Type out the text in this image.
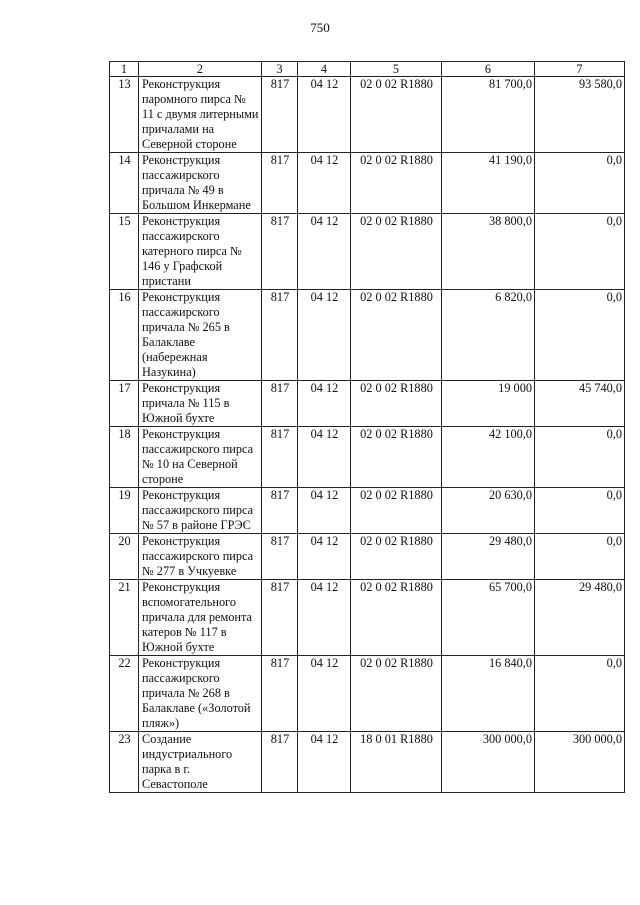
750
1	2	3	4	5	6	7
13	Реконструкция паромного пирса № 11 с двумя литерными причалами на Северной стороне	817	04 12	02 0 02 R1880	81 700,0	93 580,0
14	Реконструкция пассажирского причала № 49 в Большом Инкермане	817	04 12	02 0 02 R1880	41 190,0	0,0
15	Реконструкция пассажирского катерного пирса № 146 у Графской пристани	817	04 12	02 0 02 R1880	38 800,0	0,0
16	Реконструкция пассажирского причала № 265 в Балаклаве (набережная Назукина)	817	04 12	02 0 02 R1880	6 820,0	0,0
17	Реконструкция причала № 115 в Южной бухте	817	04 12	02 0 02 R1880	19 000	45 740,0
18	Реконструкция пассажирского пирса № 10 на Северной стороне	817	04 12	02 0 02 R1880	42 100,0	0,0
19	Реконструкция пассажирского пирса № 57 в районе ГРЭС	817	04 12	02 0 02 R1880	20 630,0	0,0
20	Реконструкция пассажирского пирса № 277 в Учкуевке	817	04 12	02 0 02 R1880	29 480,0	0,0
21	Реконструкция вспомогательного причала для ремонта катеров № 117 в Южной бухте	817	04 12	02 0 02 R1880	65 700,0	29 480,0
22	Реконструкция пассажирского причала № 268 в Балаклаве («Золотой пляж»)	817	04 12	02 0 02 R1880	16 840,0	0,0
23	Создание индустриального парка в г. Севастополе	817	04 12	18 0 01 R1880	300 000,0	300 000,0
